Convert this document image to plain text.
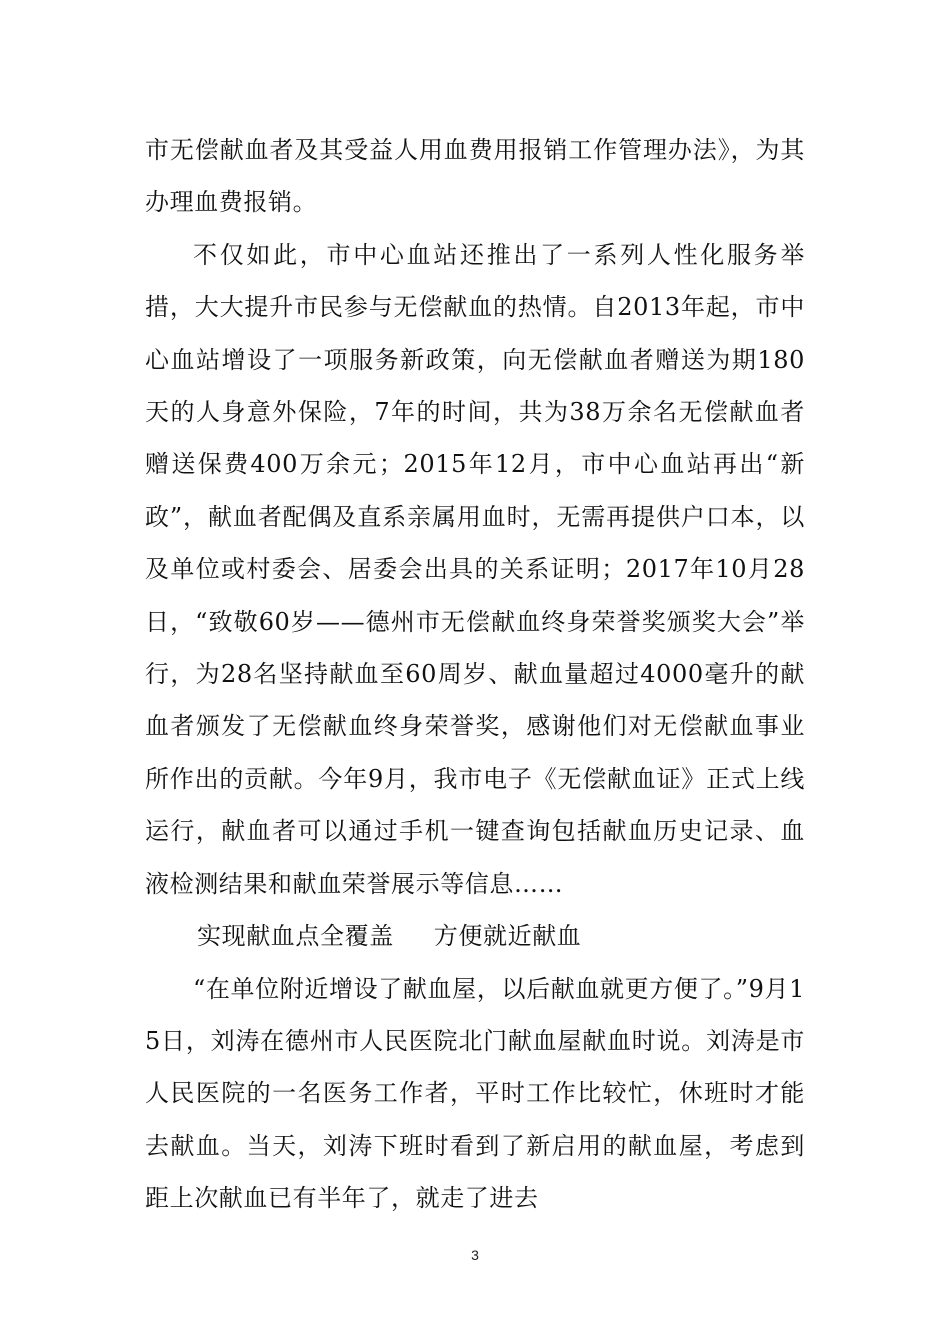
市无偿献血者及其受益人用血费用报销工作管理办法》，为其办理血费报销。

不仅如此，市中心血站还推出了一系列人性化服务举措，大大提升市民参与无偿献血的热情。自2013年起，市中心血站增设了一项服务新政策，向无偿献血者赠送为期180天的人身意外保险，7年的时间，共为38万余名无偿献血者赠送保费400万余元；2015年12月，市中心血站再出“新政”，献血者配偶及直系亲属用血时，无需再提供户口本，以及单位或村委会、居委会出具的关系证明；2017年10月28日，“致敬60岁——德州市无偿献血终身荣誉奖颁奖大会”举行，为28名坚持献血至60周岁、献血量超过4000毫升的献血者颁发了无偿献血终身荣誉奖，感谢他们对无偿献血事业所作出的贡献。今年9月，我市电子《无偿献血证》正式上线运行，献血者可以通过手机一键查询包括献血历史记录、血液检测结果和献血荣誉展示等信息……

实现献血点全覆盖 方便就近献血

“在单位附近增设了献血屋，以后献血就更方便了。”9月15日，刘涛在德州市人民医院北门献血屋献血时说。刘涛是市人民医院的一名医务工作者，平时工作比较忙，休班时才能去献血。当天，刘涛下班时看到了新启用的献血屋，考虑到距上次献血已有半年了，就走了进去

3
